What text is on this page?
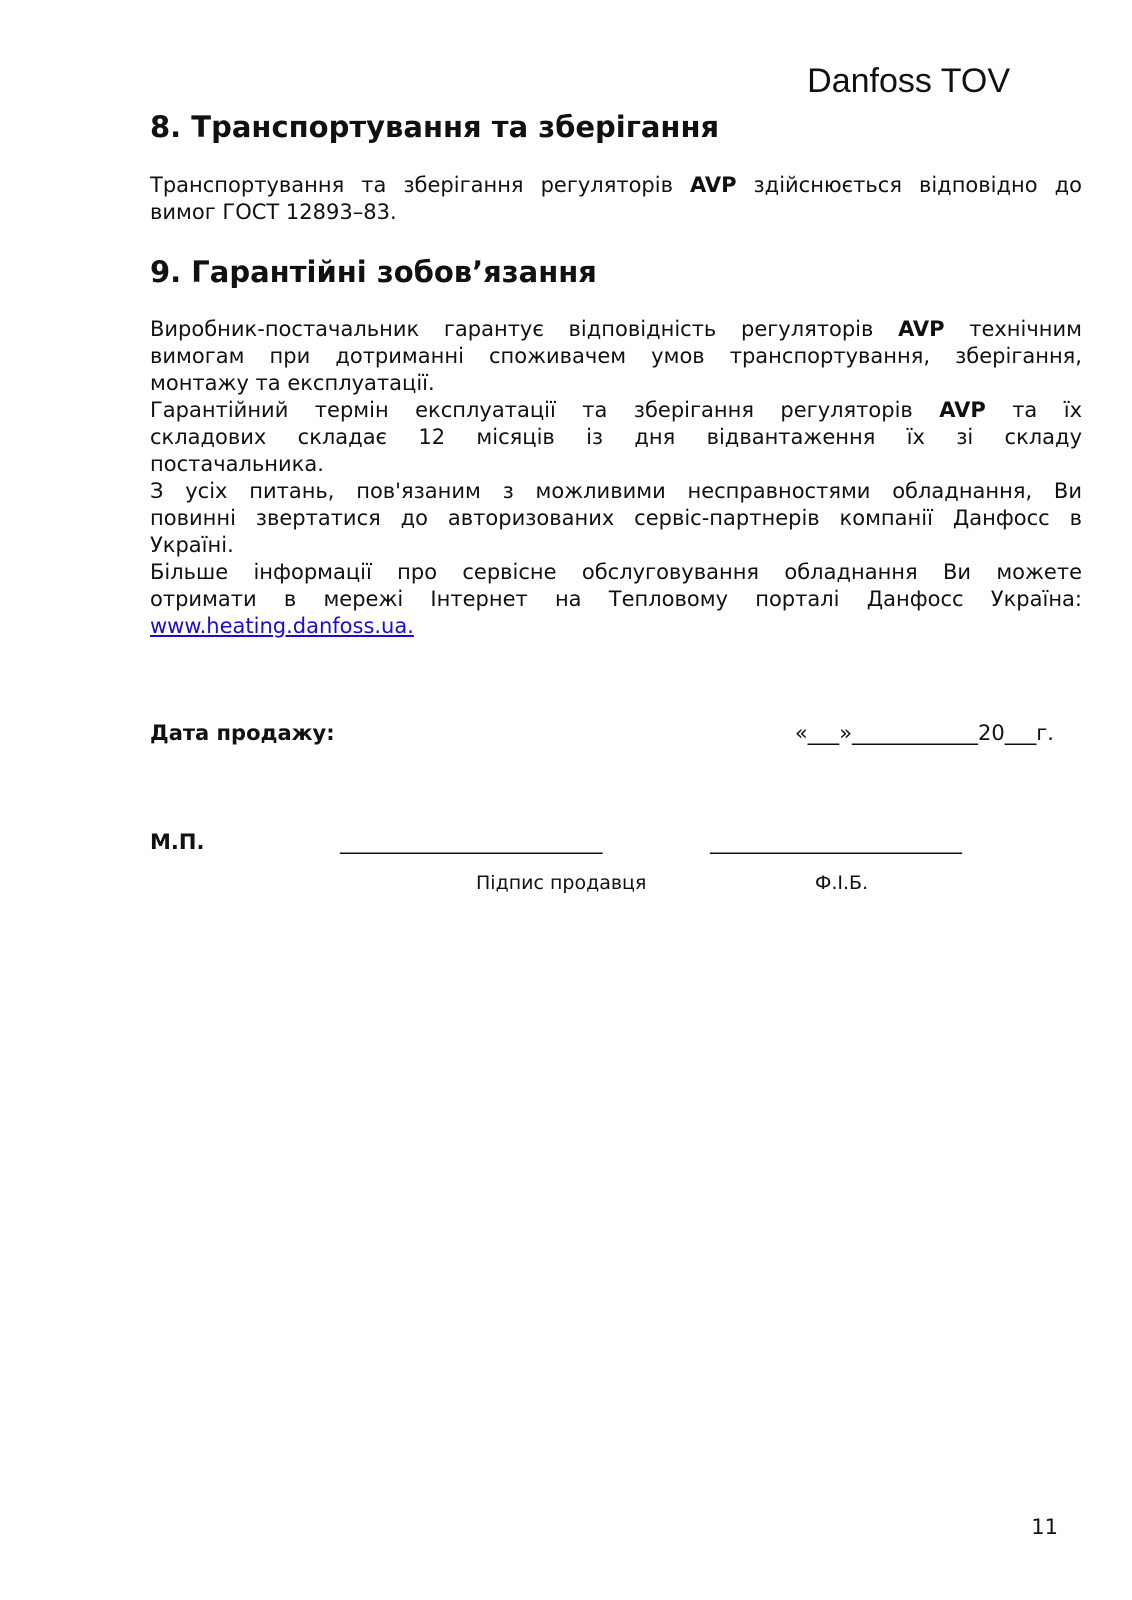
Danfoss TOV
8. Транспортування та зберігання
Транспортування та зберігання регуляторів AVP здійснюється відповідно до
вимог ГОСТ 12893–83.
9. Гарантійні зобов’язання
Виробник-постачальник гарантує відповідність регуляторів AVP технічним
вимогам при дотриманні споживачем умов транспортування, зберігання,
монтажу та експлуатації.
Гарантійний термін експлуатації та зберігання регуляторів AVP та їх
складових складає 12 місяців із дня відвантаження їх зі складу
постачальника.
З усіх питань, пов'язаним з можливими несправностями обладнання, Ви
повинні звертатися до авторизованих сервіс-партнерів компанії Данфосс в
Україні.
Більше інформації про сервісне обслуговування обладнання Ви можете
отримати в мережі Інтернет на Тепловому порталі Данфосс Україна:
www.heating.danfoss.ua.
Дата продажу:	«___»____________20___г.
М.П.	_________________________	________________________
Підпис продавця	Ф.І.Б.
11
